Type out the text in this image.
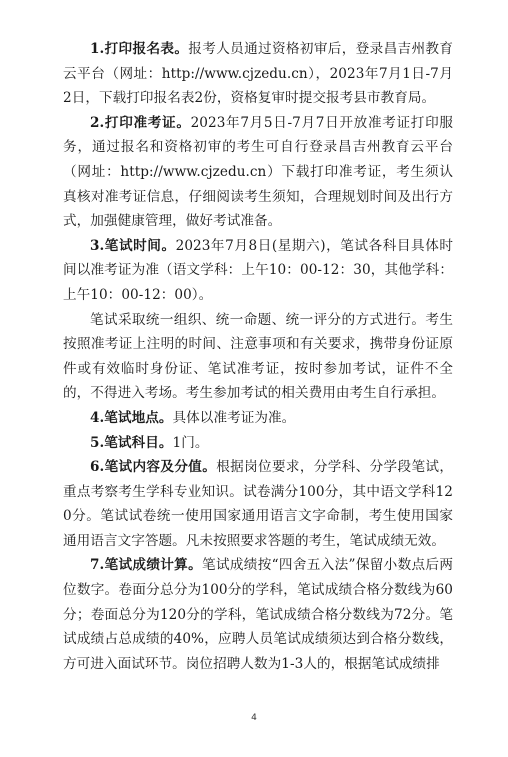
1.打印报名表。报考人员通过资格初审后，登录昌吉州教育云平台（网址：http://www.cjzedu.cn），2023年7月1日-7月2日，下载打印报名表2份，资格复审时提交报考县市教育局。

2.打印准考证。2023年7月5日-7月7日开放准考证打印服务，通过报名和资格初审的考生可自行登录昌吉州教育云平台（网址：http://www.cjzedu.cn）下载打印准考证，考生须认真核对准考证信息，仔细阅读考生须知，合理规划时间及出行方式，加强健康管理，做好考试准备。

3.笔试时间。2023年7月8日(星期六)，笔试各科目具体时间以准考证为准（语文学科：上午10：00-12：30，其他学科：上午10：00-12：00）。

笔试采取统一组织、统一命题、统一评分的方式进行。考生按照准考证上注明的时间、注意事项和有关要求，携带身份证原件或有效临时身份证、笔试准考证，按时参加考试，证件不全的，不得进入考场。考生参加考试的相关费用由考生自行承担。

4.笔试地点。具体以准考证为准。

5.笔试科目。1门。

6.笔试内容及分值。根据岗位要求，分学科、分学段笔试，重点考察考生学科专业知识。试卷满分100分，其中语文学科120分。笔试试卷统一使用国家通用语言文字命制，考生使用国家通用语言文字答题。凡未按照要求答题的考生，笔试成绩无效。

7.笔试成绩计算。笔试成绩按“四舍五入法”保留小数点后两位数字。卷面分总分为100分的学科，笔试成绩合格分数线为60分；卷面总分为120分的学科，笔试成绩合格分数线为72分。笔试成绩占总成绩的40%，应聘人员笔试成绩须达到合格分数线，方可进入面试环节。岗位招聘人数为1-3人的，根据笔试成绩排

4
